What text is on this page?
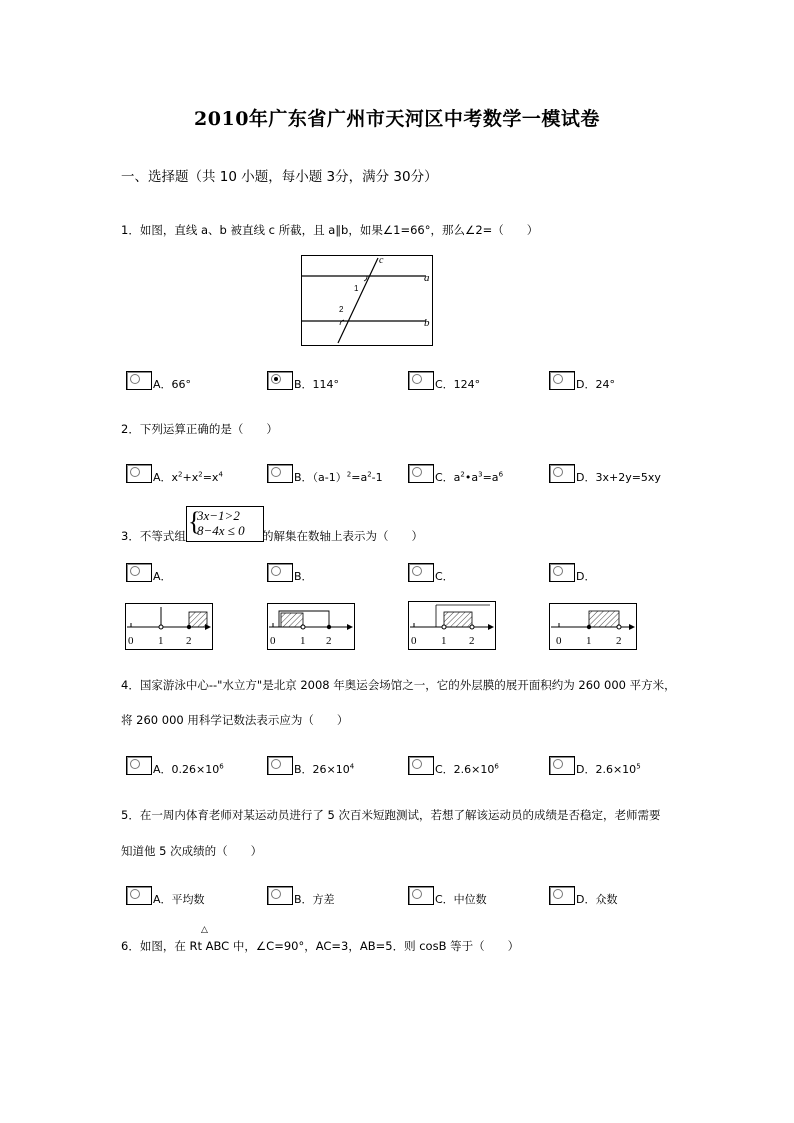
2010年广东省广州市天河区中考数学一模试卷
一、选择题（共 10 小题，每小题 3分，满分 30分）
1．如图，直线 a、b 被直线 c 所截，且 a∥b，如果∠1=66°，那么∠2=（　　）
c
a
b
1
2
A．66°	B．114°	C．124°	D．24°
2．下列运算正确的是（　　）
A．$x^2+x^2=x^4$	B．$(a-1)^2=a^2-1$	C．$a^2•a^3=a^6$	D．3x+2y=5xy
3．不等式组 {
3x−1>2
8−4x ≤ 0 的解集在数轴上表示为（　　）
A．	B．	C．	D．
0 1 2	0 1 2	0 1 2	0 1 2
4．国家游泳中心--"水立方"是北京 2008 年奥运会场馆之一，它的外层膜的展开面积约为 260 000 平方米，
将 260 000 用科学记数法表示应为（　　）
A．$0.26\times 10^6$	B．$26\times 10^4$	C．$2.6\times 10^6$	D．$2.6\times 10^5$
5．在一周内体育老师对某运动员进行了 5 次百米短跑测试，若想了解该运动员的成绩是否稳定，老师需要
知道他 5 次成绩的（　　）
A．平均数	B．方差	C．中位数	D．众数
△
6．如图，在 Rt ABC 中，∠C=90°，AC=3，AB=5．则 cosB 等于（　　）
